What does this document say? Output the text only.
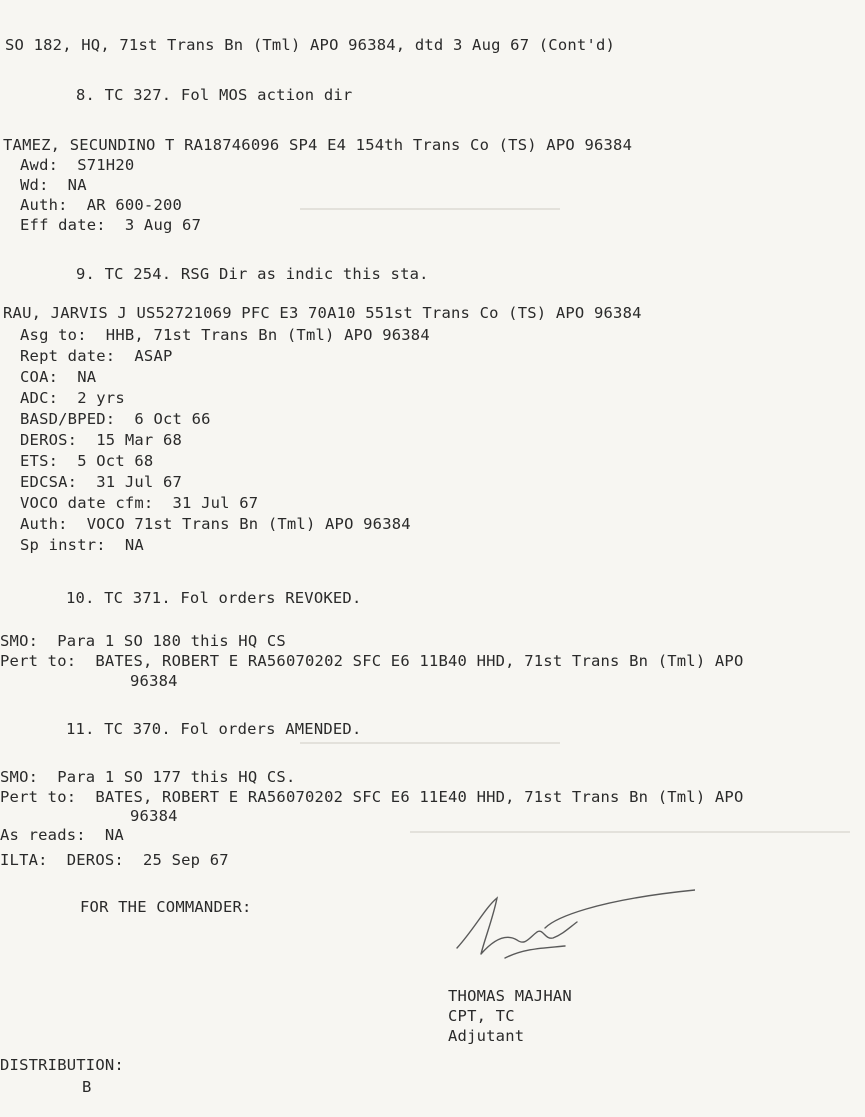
SO 182, HQ, 71st Trans Bn (Tml) APO 96384, dtd 3 Aug 67 (Cont'd)
8. TC 327. Fol MOS action dir
TAMEZ, SECUNDINO T RA18746096 SP4 E4 154th Trans Co (TS) APO 96384
Awd:  S71H20
Wd:  NA
Auth:  AR 600-200
Eff date:  3 Aug 67
9. TC 254. RSG Dir as indic this sta.
RAU, JARVIS J US52721069 PFC E3 70A10 551st Trans Co (TS) APO 96384
Asg to:  HHB, 71st Trans Bn (Tml) APO 96384
Rept date:  ASAP
COA:  NA
ADC:  2 yrs
BASD/BPED:  6 Oct 66
DEROS:  15 Mar 68
ETS:  5 Oct 68
EDCSA:  31 Jul 67
VOCO date cfm:  31 Jul 67
Auth:  VOCO 71st Trans Bn (Tml) APO 96384
Sp instr:  NA
10. TC 371. Fol orders REVOKED.
SMO:  Para 1 SO 180 this HQ CS
Pert to:  BATES, ROBERT E RA56070202 SFC E6 11B40 HHD, 71st Trans Bn (Tml) APO
96384
11. TC 370. Fol orders AMENDED.
SMO:  Para 1 SO 177 this HQ CS.
Pert to:  BATES, ROBERT E RA56070202 SFC E6 11E40 HHD, 71st Trans Bn (Tml) APO
96384
As reads:  NA
ILTA:  DEROS:  25 Sep 67
FOR THE COMMANDER:
THOMAS MAJHAN
CPT, TC
Adjutant
DISTRIBUTION:
B
